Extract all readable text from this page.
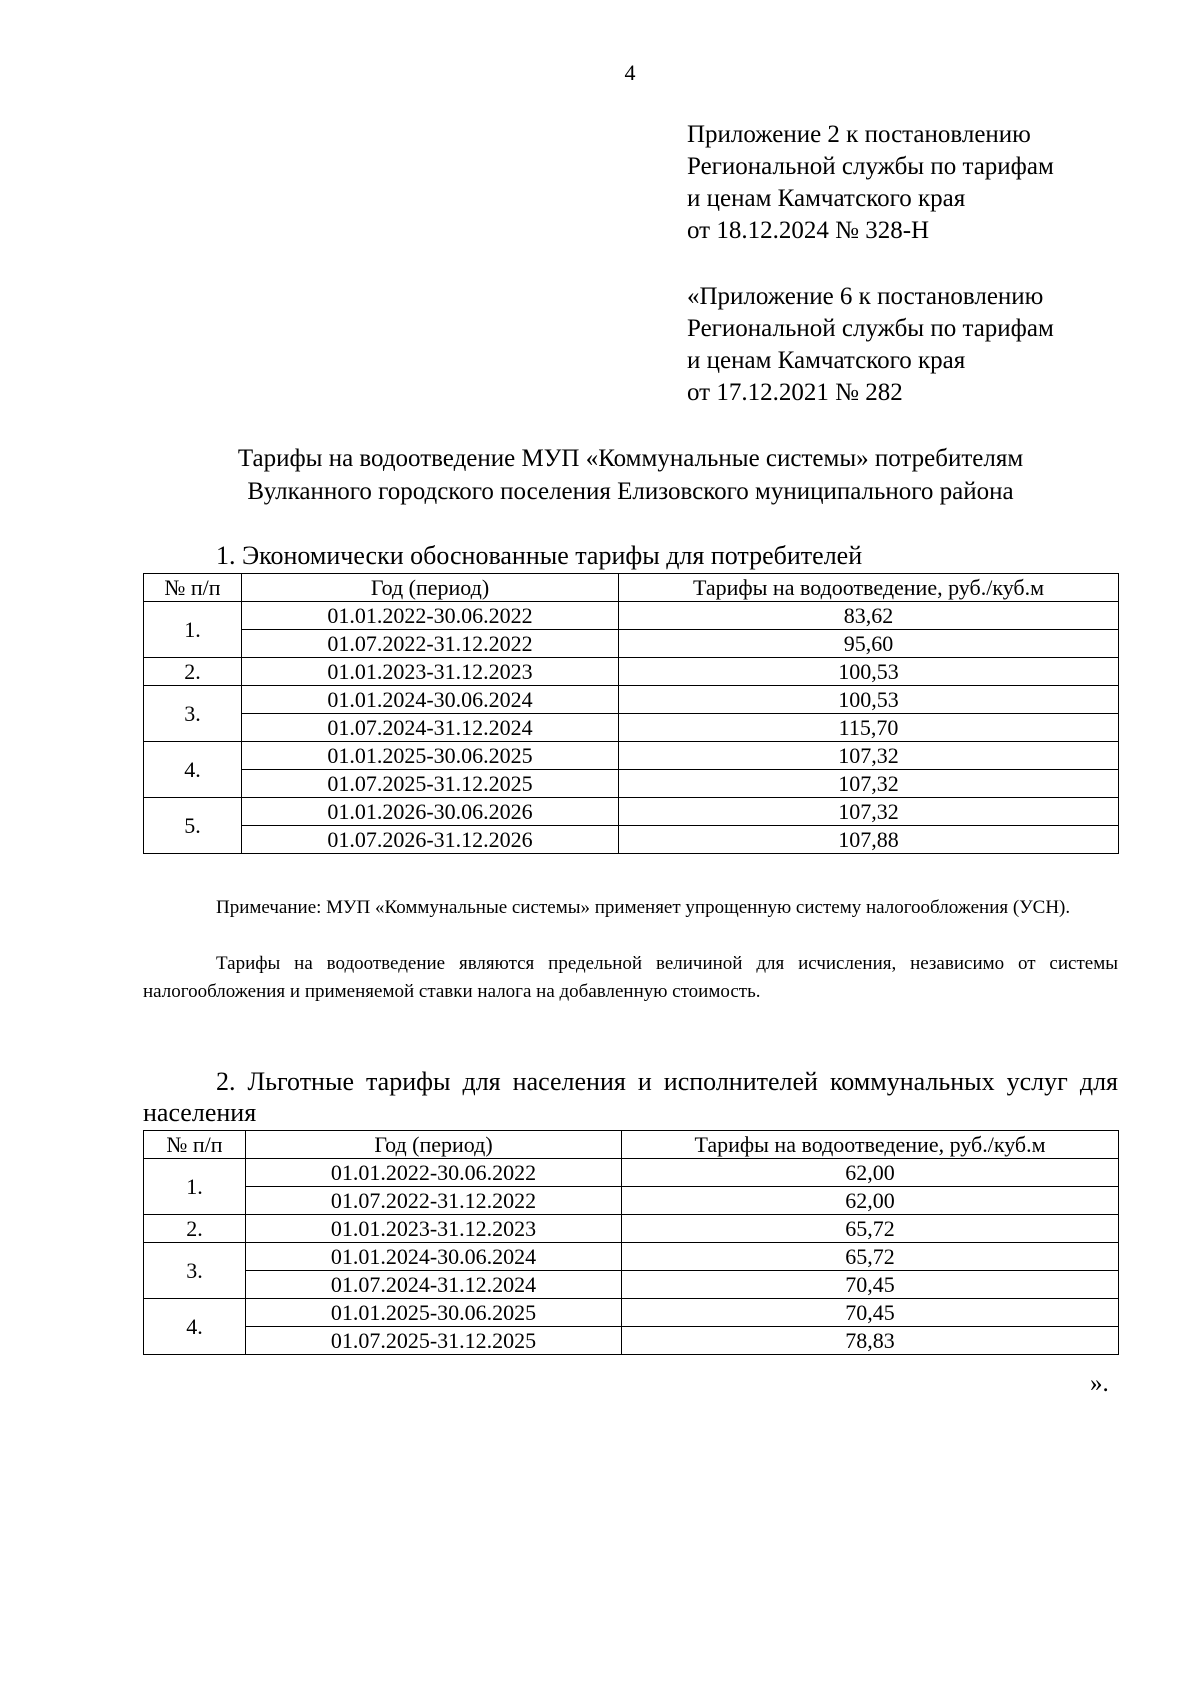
4
Приложение 2 к постановлению
Региональной службы по тарифам
и ценам Камчатского края
от 18.12.2024 № 328-Н
«Приложение 6 к постановлению
Региональной службы по тарифам
и ценам Камчатского края
от 17.12.2021 № 282
Тарифы на водоотведение МУП «Коммунальные системы» потребителям
Вулканного городского поселения Елизовского муниципального района
1. Экономически обоснованные тарифы для потребителей
№ п/п	Год (период)	Тарифы на водоотведение, руб./куб.м
1.	01.01.2022-30.06.2022	83,62
	01.07.2022-31.12.2022	95,60
2.	01.01.2023-31.12.2023	100,53
3.	01.01.2024-30.06.2024	100,53
	01.07.2024-31.12.2024	115,70
4.	01.01.2025-30.06.2025	107,32
	01.07.2025-31.12.2025	107,32
5.	01.01.2026-30.06.2026	107,32
	01.07.2026-31.12.2026	107,88

Примечание: МУП «Коммунальные системы» применяет упрощенную систему налогообложения (УСН).

Тарифы на водоотведение являются предельной величиной для исчисления, независимо от системы налогообложения и применяемой ставки налога на добавленную стоимость.

2. Льготные тарифы для населения и исполнителей коммунальных услуг для населения
№ п/п	Год (период)	Тарифы на водоотведение, руб./куб.м
1.	01.01.2022-30.06.2022	62,00
	01.07.2022-31.12.2022	62,00
2.	01.01.2023-31.12.2023	65,72
3.	01.01.2024-30.06.2024	65,72
	01.07.2024-31.12.2024	70,45
4.	01.01.2025-30.06.2025	70,45
	01.07.2025-31.12.2025	78,83
».
